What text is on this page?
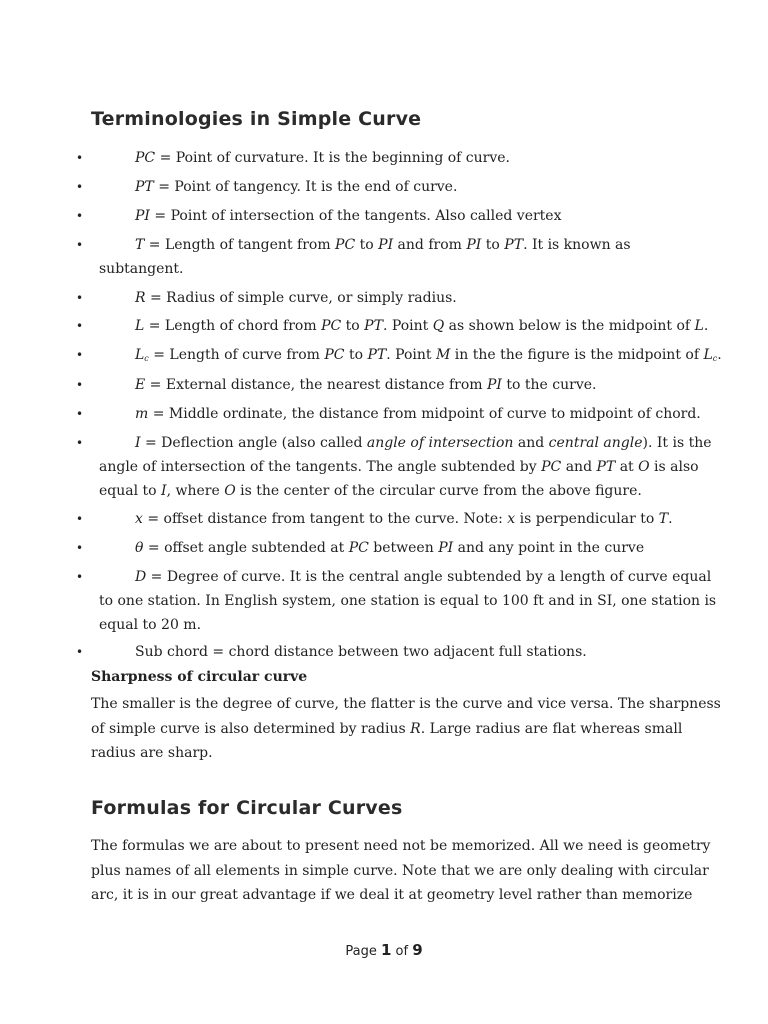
Terminologies in Simple Curve
•	PC = Point of curvature. It is the beginning of curve.
•	PT = Point of tangency. It is the end of curve.
•	PI = Point of intersection of the tangents. Also called vertex
•	T = Length of tangent from PC to PI and from PI to PT. It is known as
subtangent.
•	R = Radius of simple curve, or simply radius.
•	L = Length of chord from PC to PT. Point Q as shown below is the midpoint of L.
•	$L_c$ = Length of curve from PC to PT. Point M in the the figure is the midpoint of $L_c$.
•	E = External distance, the nearest distance from PI to the curve.
•	m = Middle ordinate, the distance from midpoint of curve to midpoint of chord.
•	I = Deflection angle (also called angle of intersection and central angle). It is the
angle of intersection of the tangents. The angle subtended by PC and PT at O is also
equal to I, where O is the center of the circular curve from the above figure.
•	x = offset distance from tangent to the curve. Note: x is perpendicular to T.
•	θ = offset angle subtended at PC between PI and any point in the curve
•	D = Degree of curve. It is the central angle subtended by a length of curve equal
to one station. In English system, one station is equal to 100 ft and in SI, one station is
equal to 20 m.
•	Sub chord = chord distance between two adjacent full stations.
Sharpness of circular curve
The smaller is the degree of curve, the flatter is the curve and vice versa. The sharpness
of simple curve is also determined by radius R. Large radius are flat whereas small
radius are sharp.
Formulas for Circular Curves
The formulas we are about to present need not be memorized. All we need is geometry
plus names of all elements in simple curve. Note that we are only dealing with circular
arc, it is in our great advantage if we deal it at geometry level rather than memorize
Page 1 of 9
